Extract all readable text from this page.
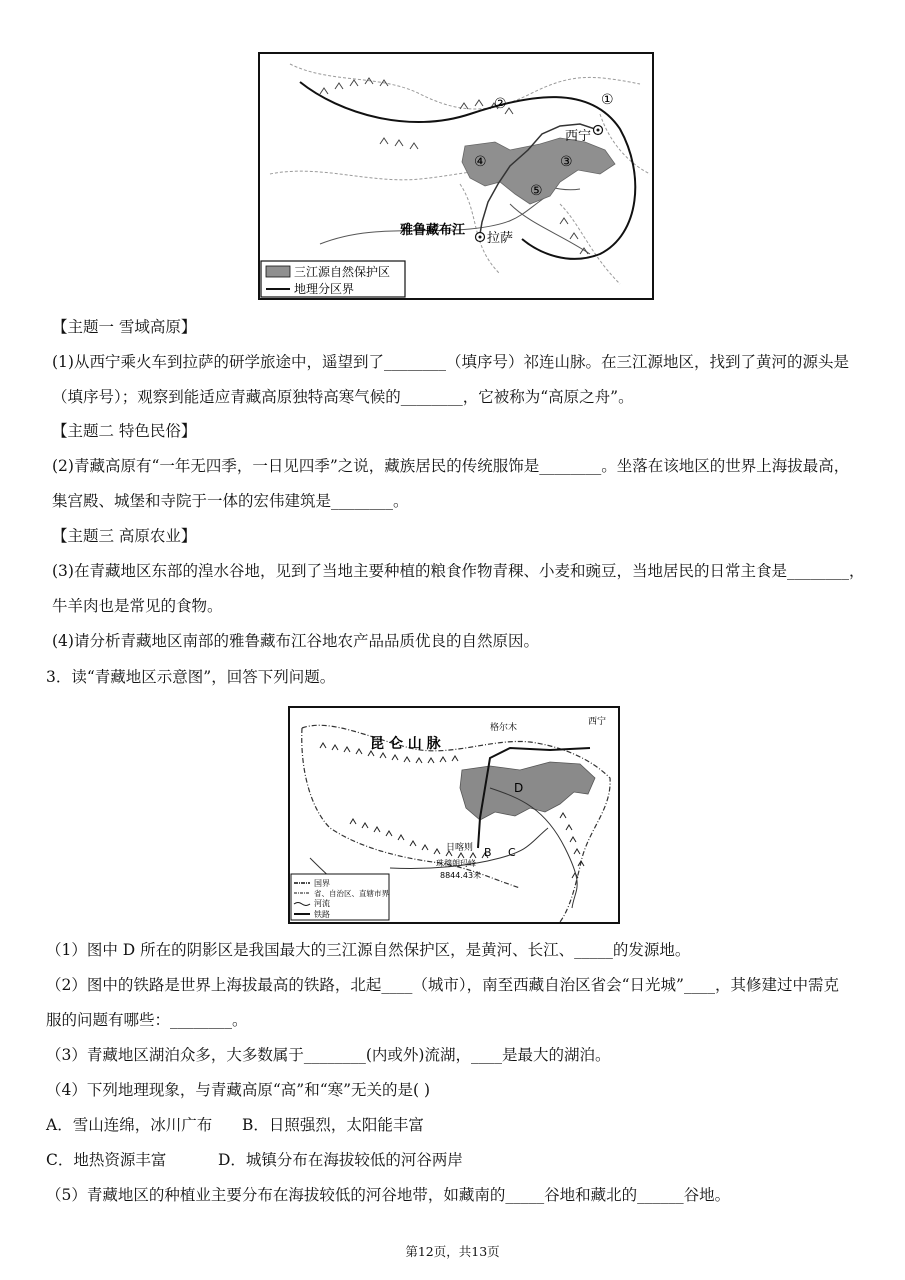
①
②
③
④
⑤
西宁
拉萨
雅鲁藏布江
三江源自然保护区
地理分区界
【主题一 雪域高原】
(1)从西宁乘火车到拉萨的研学旅途中，遥望到了________（填序号）祁连山脉。在三江源地区，找到了黄河的源头是
（填序号）；观察到能适应青藏高原独特高寒气候的________，它被称为“高原之舟”。
【主题二 特色民俗】
(2)青藏高原有“一年无四季，一日见四季”之说，藏族居民的传统服饰是________。坐落在该地区的世界上海拔最高，
集宫殿、城堡和寺院于一体的宏伟建筑是________。
【主题三 高原农业】
(3)在青藏地区东部的湟水谷地，见到了当地主要种植的粮食作物青稞、小麦和豌豆，当地居民的日常主食是________，
牛羊肉也是常见的食物。
(4)请分析青藏地区南部的雅鲁藏布江谷地农产品品质优良的自然原因。
3．读“青藏地区示意图”，回答下列问题。
昆 仑 山 脉
格尔木
西宁
D
B C
日喀则
珠穆朗玛峰
8844.43米
国界
省、自治区、直辖市界
河流
铁路
（1）图中 D 所在的阴影区是我国最大的三江源自然保护区，是黄河、长江、_____的发源地。
（2）图中的铁路是世界上海拔最高的铁路，北起____（城市），南至西藏自治区省会“日光城”____，其修建过中需克
服的问题有哪些：________。
（3）青藏地区湖泊众多，大多数属于________(内或外)流湖，____是最大的湖泊。
（4）下列地理现象，与青藏高原“高”和“寒”无关的是( )
A．雪山连绵，冰川广布 B．日照强烈，太阳能丰富
C．地热资源丰富	D．城镇分布在海拔较低的河谷两岸
（5）青藏地区的种植业主要分布在海拔较低的河谷地带，如藏南的_____谷地和藏北的______谷地。
第12页，共13页
